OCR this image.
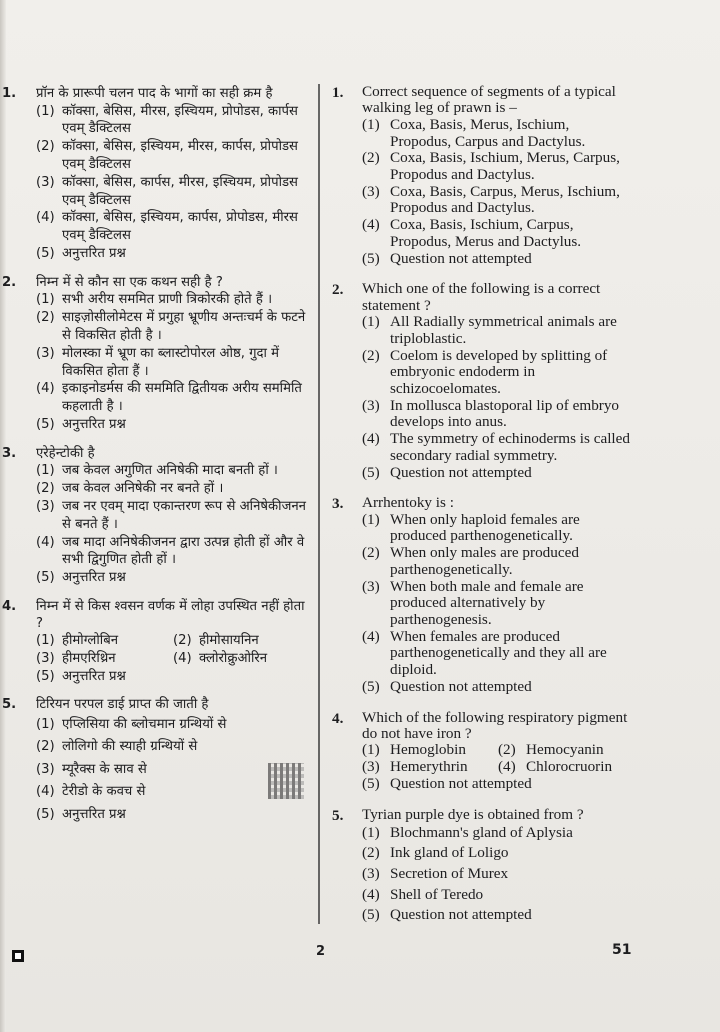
1. प्रॉन के प्रारूपी चलन पाद के भागों का सही क्रम है
(1) कॉक्सा, बेसिस, मीरस, इस्चियम, प्रोपोडस, कार्पस एवम् डैक्टिलस
(2) कॉक्सा, बेसिस, इस्चियम, मीरस, कार्पस, प्रोपोडस एवम् डैक्टिलस
(3) कॉक्सा, बेसिस, कार्पस, मीरस, इस्चियम, प्रोपोडस एवम् डैक्टिलस
(4) कॉक्सा, बेसिस, इस्चियम, कार्पस, प्रोपोडस, मीरस एवम् डैक्टिलस
(5) अनुत्तरित प्रश्न
2. निम्न में से कौन सा एक कथन सही है ?
(1) सभी अरीय सममित प्राणी त्रिकोरकी होते हैं ।
(2) साइज़ोसीलोमेटस में प्रगुहा भ्रूणीय अन्तःचर्म के फटने से विकसित होती है ।
(3) मोलस्का में भ्रूण का ब्लास्टोपोरल ओष्ठ, गुदा में विकसित होता हैं ।
(4) इकाइनोडर्मस की सममिति द्वितीयक अरीय सममिति कहलाती है ।
(5) अनुत्तरित प्रश्न
3. एरेहेन्टोकी है
(1) जब केवल अगुणित अनिषेकी मादा बनती हों ।
(2) जब केवल अनिषेकी नर बनते हों ।
(3) जब नर एवम् मादा एकान्तरण रूप से अनिषेकीजनन से बनते हैं ।
(4) जब मादा अनिषेकीजनन द्वारा उत्पन्न होती हों और वे सभी द्विगुणित होती हों ।
(5) अनुत्तरित प्रश्न
4. निम्न में से किस श्वसन वर्णक में लोहा उपस्थित नहीं होता ?
(1) हीमोग्लोबिन	(2) हीमोसायनिन
(3) हीमएरिथ्रिन	(4) क्लोरोक्रुओरिन
(5) अनुत्तरित प्रश्न
5. टिरियन परपल डाई प्राप्त की जाती है
(1) एप्लिसिया की ब्लोचमान ग्रन्थियों से
(2) लोलिगो की स्याही ग्रन्थियों से
(3) म्यूरैक्स के स्राव से
(4) टेरीडो के कवच से
(5) अनुत्तरित प्रश्न
1. Correct sequence of segments of a typical walking leg of prawn is –
(1) Coxa, Basis, Merus, Ischium, Propodus, Carpus and Dactylus.
(2) Coxa, Basis, Ischium, Merus, Carpus, Propodus and Dactylus.
(3) Coxa, Basis, Carpus, Merus, Ischium, Propodus and Dactylus.
(4) Coxa, Basis, Ischium, Carpus, Propodus, Merus and Dactylus.
(5) Question not attempted
2. Which one of the following is a correct statement ?
(1) All Radially symmetrical animals are triploblastic.
(2) Coelom is developed by splitting of embryonic endoderm in schizocoelomates.
(3) In mollusca blastoporal lip of embryo develops into anus.
(4) The symmetry of echinoderms is called secondary radial symmetry.
(5) Question not attempted
3. Arrhentoky is :
(1) When only haploid females are produced parthenogenetically.
(2) When only males are produced parthenogenetically.
(3) When both male and female are produced alternatively by parthenogenesis.
(4) When females are produced parthenogenetically and they all are diploid.
(5) Question not attempted
4. Which of the following respiratory pigment do not have iron ?
(1) Hemoglobin	(2) Hemocyanin
(3) Hemerythrin	(4) Chlorocruorin
(5) Question not attempted
5. Tyrian purple dye is obtained from ?
(1) Blochmann's gland of Aplysia
(2) Ink gland of Loligo
(3) Secretion of Murex
(4) Shell of Teredo
(5) Question not attempted
2	51
